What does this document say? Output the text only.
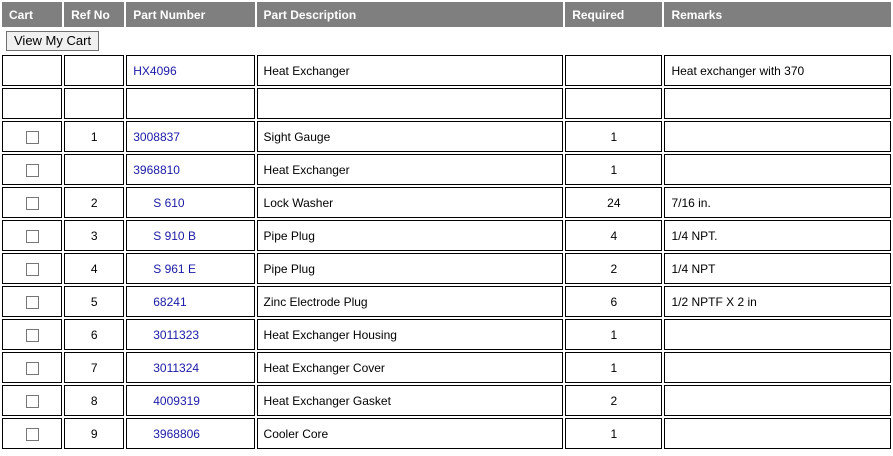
Cart	Ref No	Part Number	Part Description	Required	Remarks
View My Cart					
		HX4096	Heat Exchanger		Heat exchanger with 370

	1	3008837	Sight Gauge	1	
		3968810	Heat Exchanger	1	
	2	S 610	Lock Washer	24	7/16 in.
	3	S 910 B	Pipe Plug	4	1/4 NPT.
	4	S 961 E	Pipe Plug	2	1/4 NPT
	5	68241	Zinc Electrode Plug	6	1/2 NPTF X 2 in
	6	3011323	Heat Exchanger Housing	1	
	7	3011324	Heat Exchanger Cover	1	
	8	4009319	Heat Exchanger Gasket	2	
	9	3968806	Cooler Core	1	
